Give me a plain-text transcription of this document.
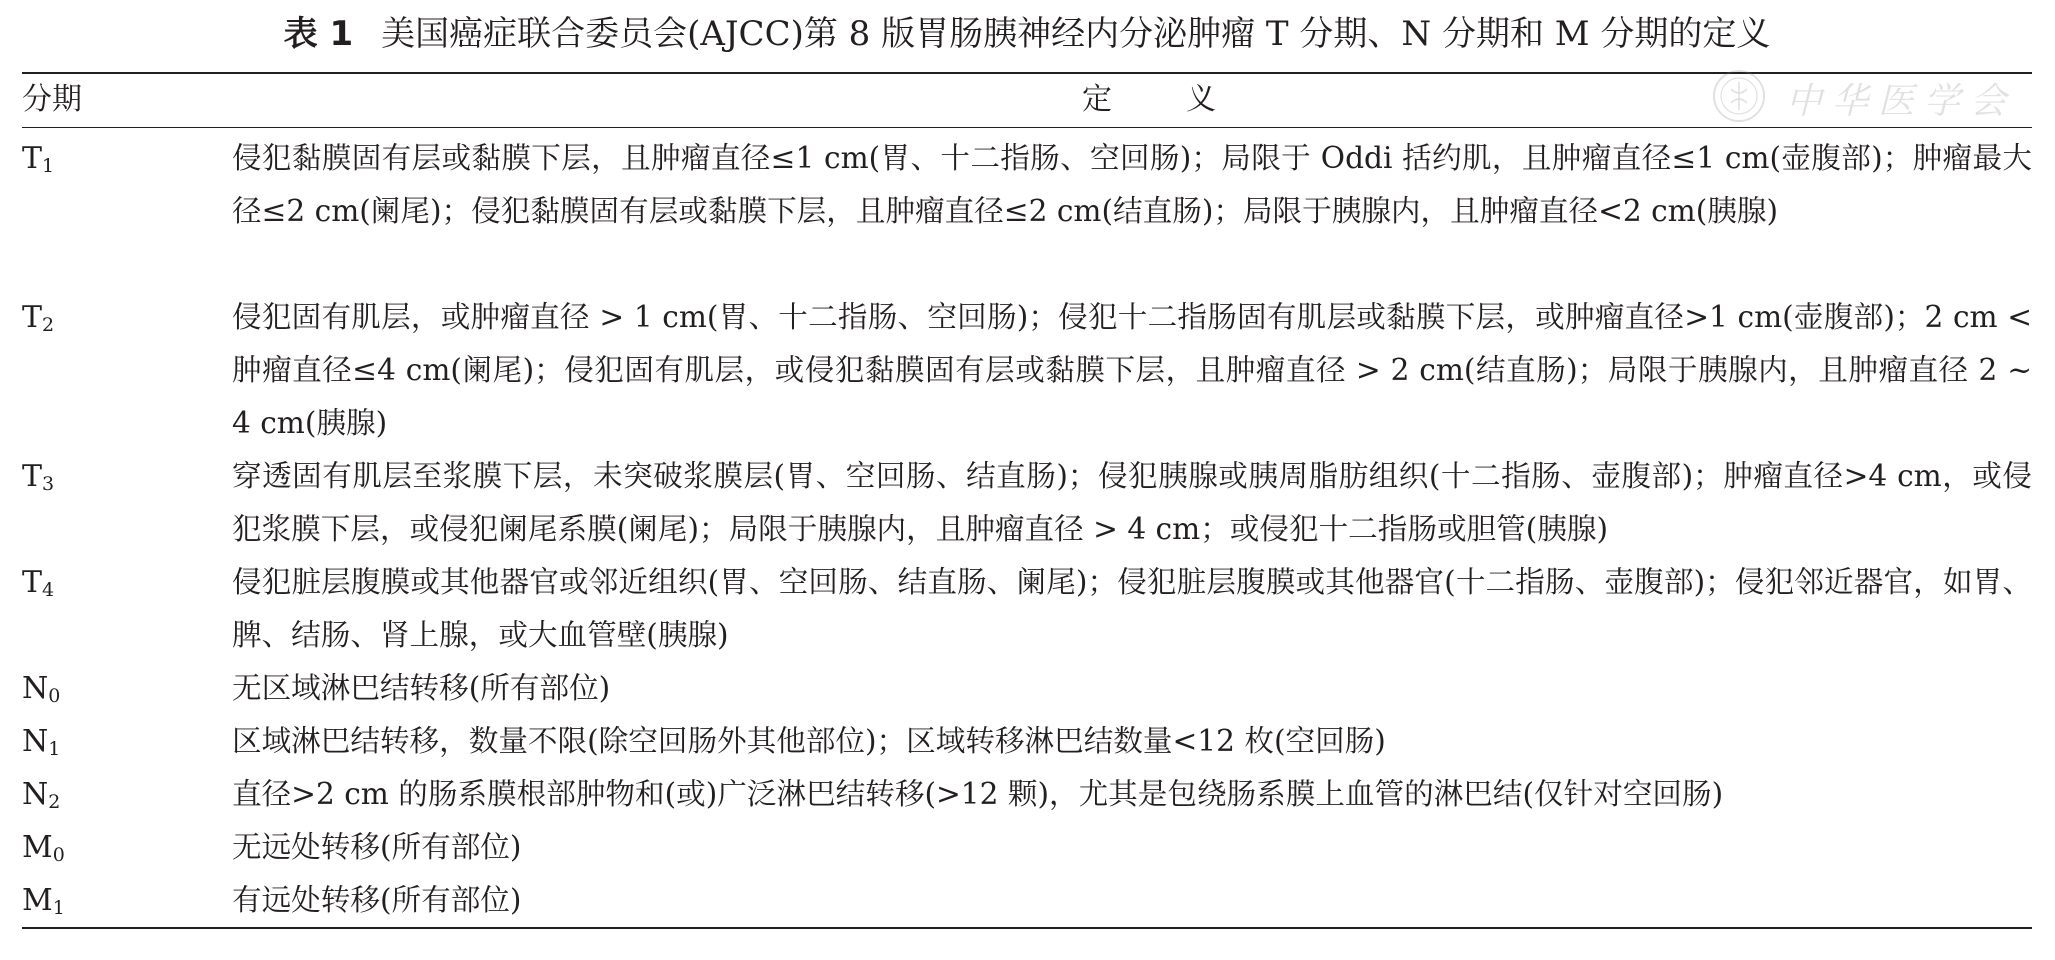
表 1 美国癌症联合委员会(AJCC)第 8 版胃肠胰神经内分泌肿瘤 T 分期、N 分期和 M 分期的定义
分期	定　义	中华医学会
$T_1$	侵犯黏膜固有层或黏膜下层，且肿瘤直径≤1 cm(胃、十二指肠、空回肠)；局限于 Oddi 括约肌，且肿瘤直径≤1 cm(壶腹部)；肿瘤最大径≤2 cm(阑尾)；侵犯黏膜固有层或黏膜下层，且肿瘤直径≤2 cm(结直肠)；局限于胰腺内，且肿瘤直径<2 cm(胰腺)
$T_2$	侵犯固有肌层，或肿瘤直径 > 1 cm(胃、十二指肠、空回肠)；侵犯十二指肠固有肌层或黏膜下层，或肿瘤直径>1 cm(壶腹部)；2 cm < 肿瘤直径≤4 cm(阑尾)；侵犯固有肌层，或侵犯黏膜固有层或黏膜下层，且肿瘤直径 > 2 cm(结直肠)；局限于胰腺内，且肿瘤直径 2 ~ 4 cm(胰腺)
$T_3$	穿透固有肌层至浆膜下层，未突破浆膜层(胃、空回肠、结直肠)；侵犯胰腺或胰周脂肪组织(十二指肠、壶腹部)；肿瘤直径>4 cm，或侵犯浆膜下层，或侵犯阑尾系膜(阑尾)；局限于胰腺内，且肿瘤直径 > 4 cm；或侵犯十二指肠或胆管(胰腺)
$T_4$	侵犯脏层腹膜或其他器官或邻近组织(胃、空回肠、结直肠、阑尾)；侵犯脏层腹膜或其他器官(十二指肠、壶腹部)；侵犯邻近器官，如胃、脾、结肠、肾上腺，或大血管壁(胰腺)
$N_0$	无区域淋巴结转移(所有部位)
$N_1$	区域淋巴结转移，数量不限(除空回肠外其他部位)；区域转移淋巴结数量<12 枚(空回肠)
$N_2$	直径>2 cm 的肠系膜根部肿物和(或)广泛淋巴结转移(>12 颗)，尤其是包绕肠系膜上血管的淋巴结(仅针对空回肠)
$M_0$	无远处转移(所有部位)
$M_1$	有远处转移(所有部位)
